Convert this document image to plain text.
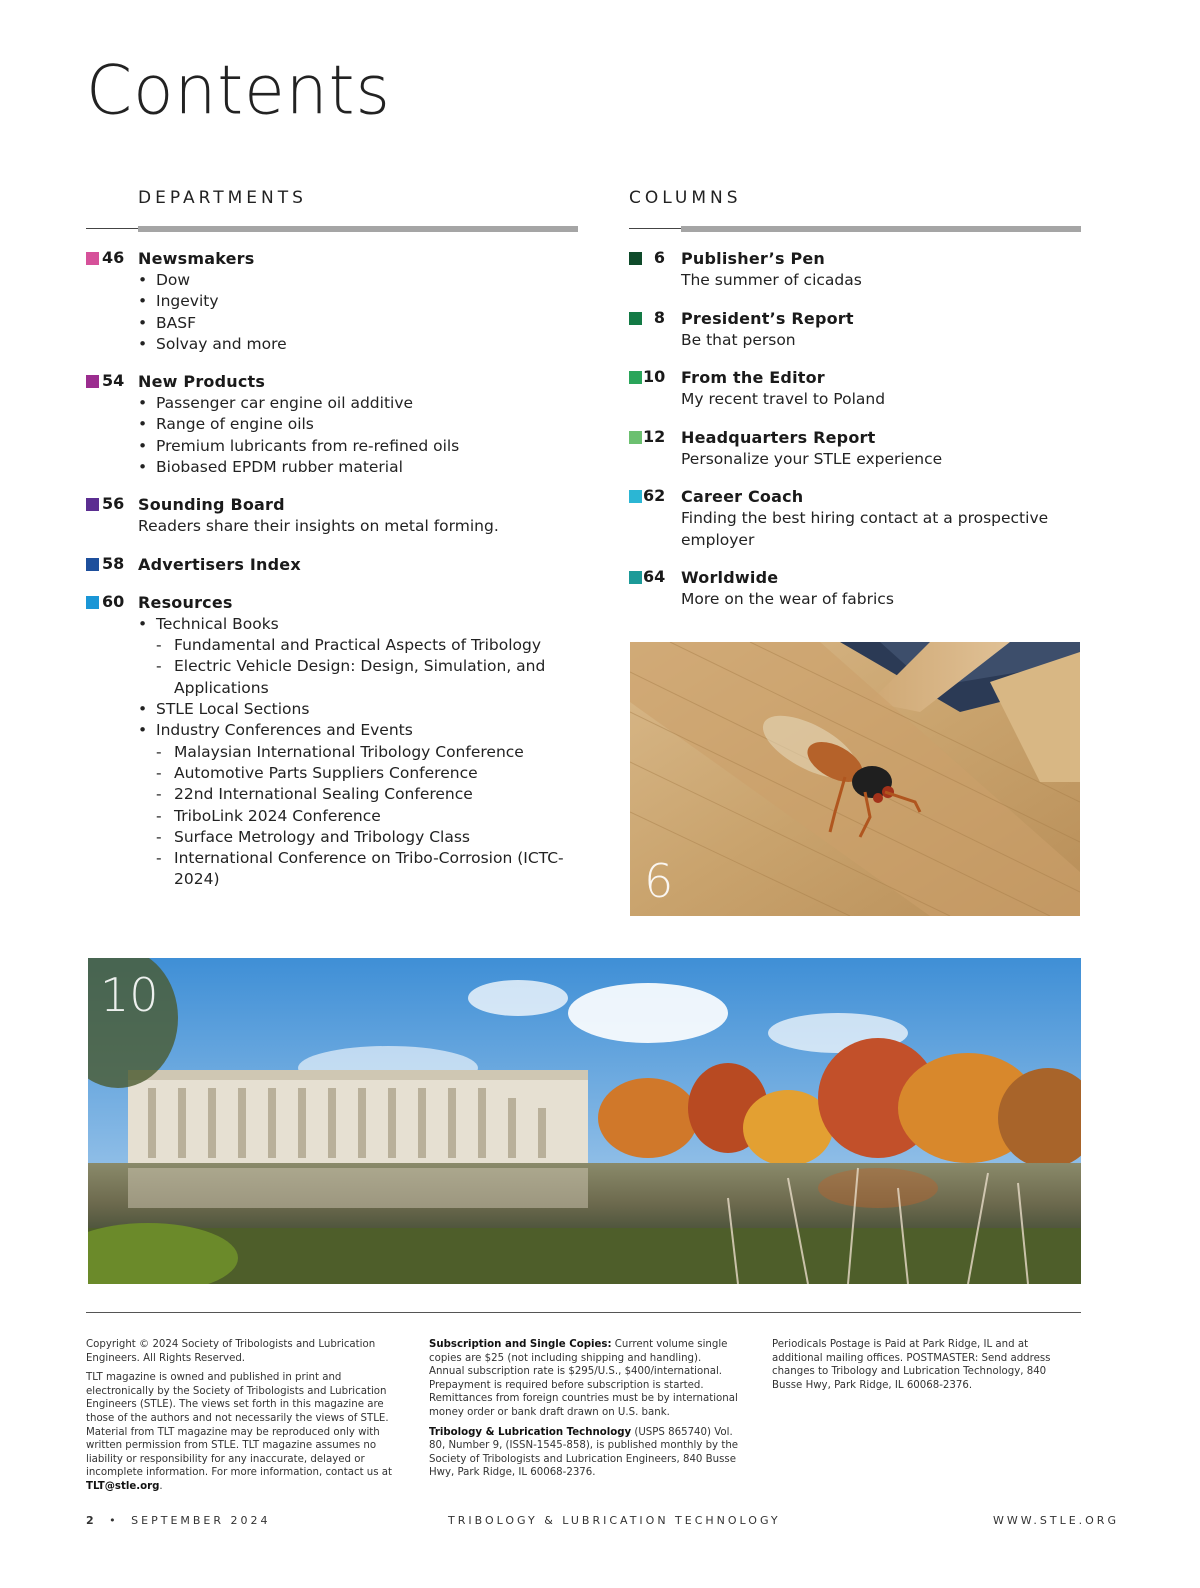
Contents
DEPARTMENTS	COLUMNS
46 Newsmakers
• Dow
• Ingevity
• BASF
• Solvay and more
54 New Products
• Passenger car engine oil additive
• Range of engine oils
• Premium lubricants from re-refined oils
• Biobased EPDM rubber material
56 Sounding Board
Readers share their insights on metal forming.
58 Advertisers Index
60 Resources
• Technical Books
- Fundamental and Practical Aspects of Tribology
- Electric Vehicle Design: Design, Simulation, and Applications
• STLE Local Sections
• Industry Conferences and Events
- Malaysian International Tribology Conference
- Automotive Parts Suppliers Conference
- 22nd International Sealing Conference
- TriboLink 2024 Conference
- Surface Metrology and Tribology Class
- International Conference on Tribo-Corrosion (ICTC-2024)
6 Publisher’s Pen
The summer of cicadas
8 President’s Report
Be that person
10 From the Editor
My recent travel to Poland
12 Headquarters Report
Personalize your STLE experience
62 Career Coach
Finding the best hiring contact at a prospective employer
64 Worldwide
More on the wear of fabrics
6
10

Copyright © 2024 Society of Tribologists and Lubrication Engineers. All Rights Reserved.

TLT magazine is owned and published in print and electronically by the Society of Tribologists and Lubrication Engineers (STLE). The views set forth in this magazine are those of the authors and not necessarily the views of STLE. Material from TLT magazine may be reproduced only with written permission from STLE. TLT magazine assumes no liability or responsibility for any inaccurate, delayed or incomplete information. For more information, contact us at TLT@stle.org.

Subscription and Single Copies: Current volume single copies are $25 (not including shipping and handling). Annual subscription rate is $295/U.S., $400/international. Prepayment is required before subscription is started. Remittances from foreign countries must be by international money order or bank draft drawn on U.S. bank.

Tribology & Lubrication Technology (USPS 865740) Vol. 80, Number 9, (ISSN-1545-858), is published monthly by the Society of Tribologists and Lubrication Engineers, 840 Busse Hwy, Park Ridge, IL 60068-2376.

Periodicals Postage is Paid at Park Ridge, IL and at additional mailing offices. POSTMASTER: Send address changes to Tribology and Lubrication Technology, 840 Busse Hwy, Park Ridge, IL 60068-2376.

2 • SEPTEMBER 2024	TRIBOLOGY & LUBRICATION TECHNOLOGY	WWW.STLE.ORG
